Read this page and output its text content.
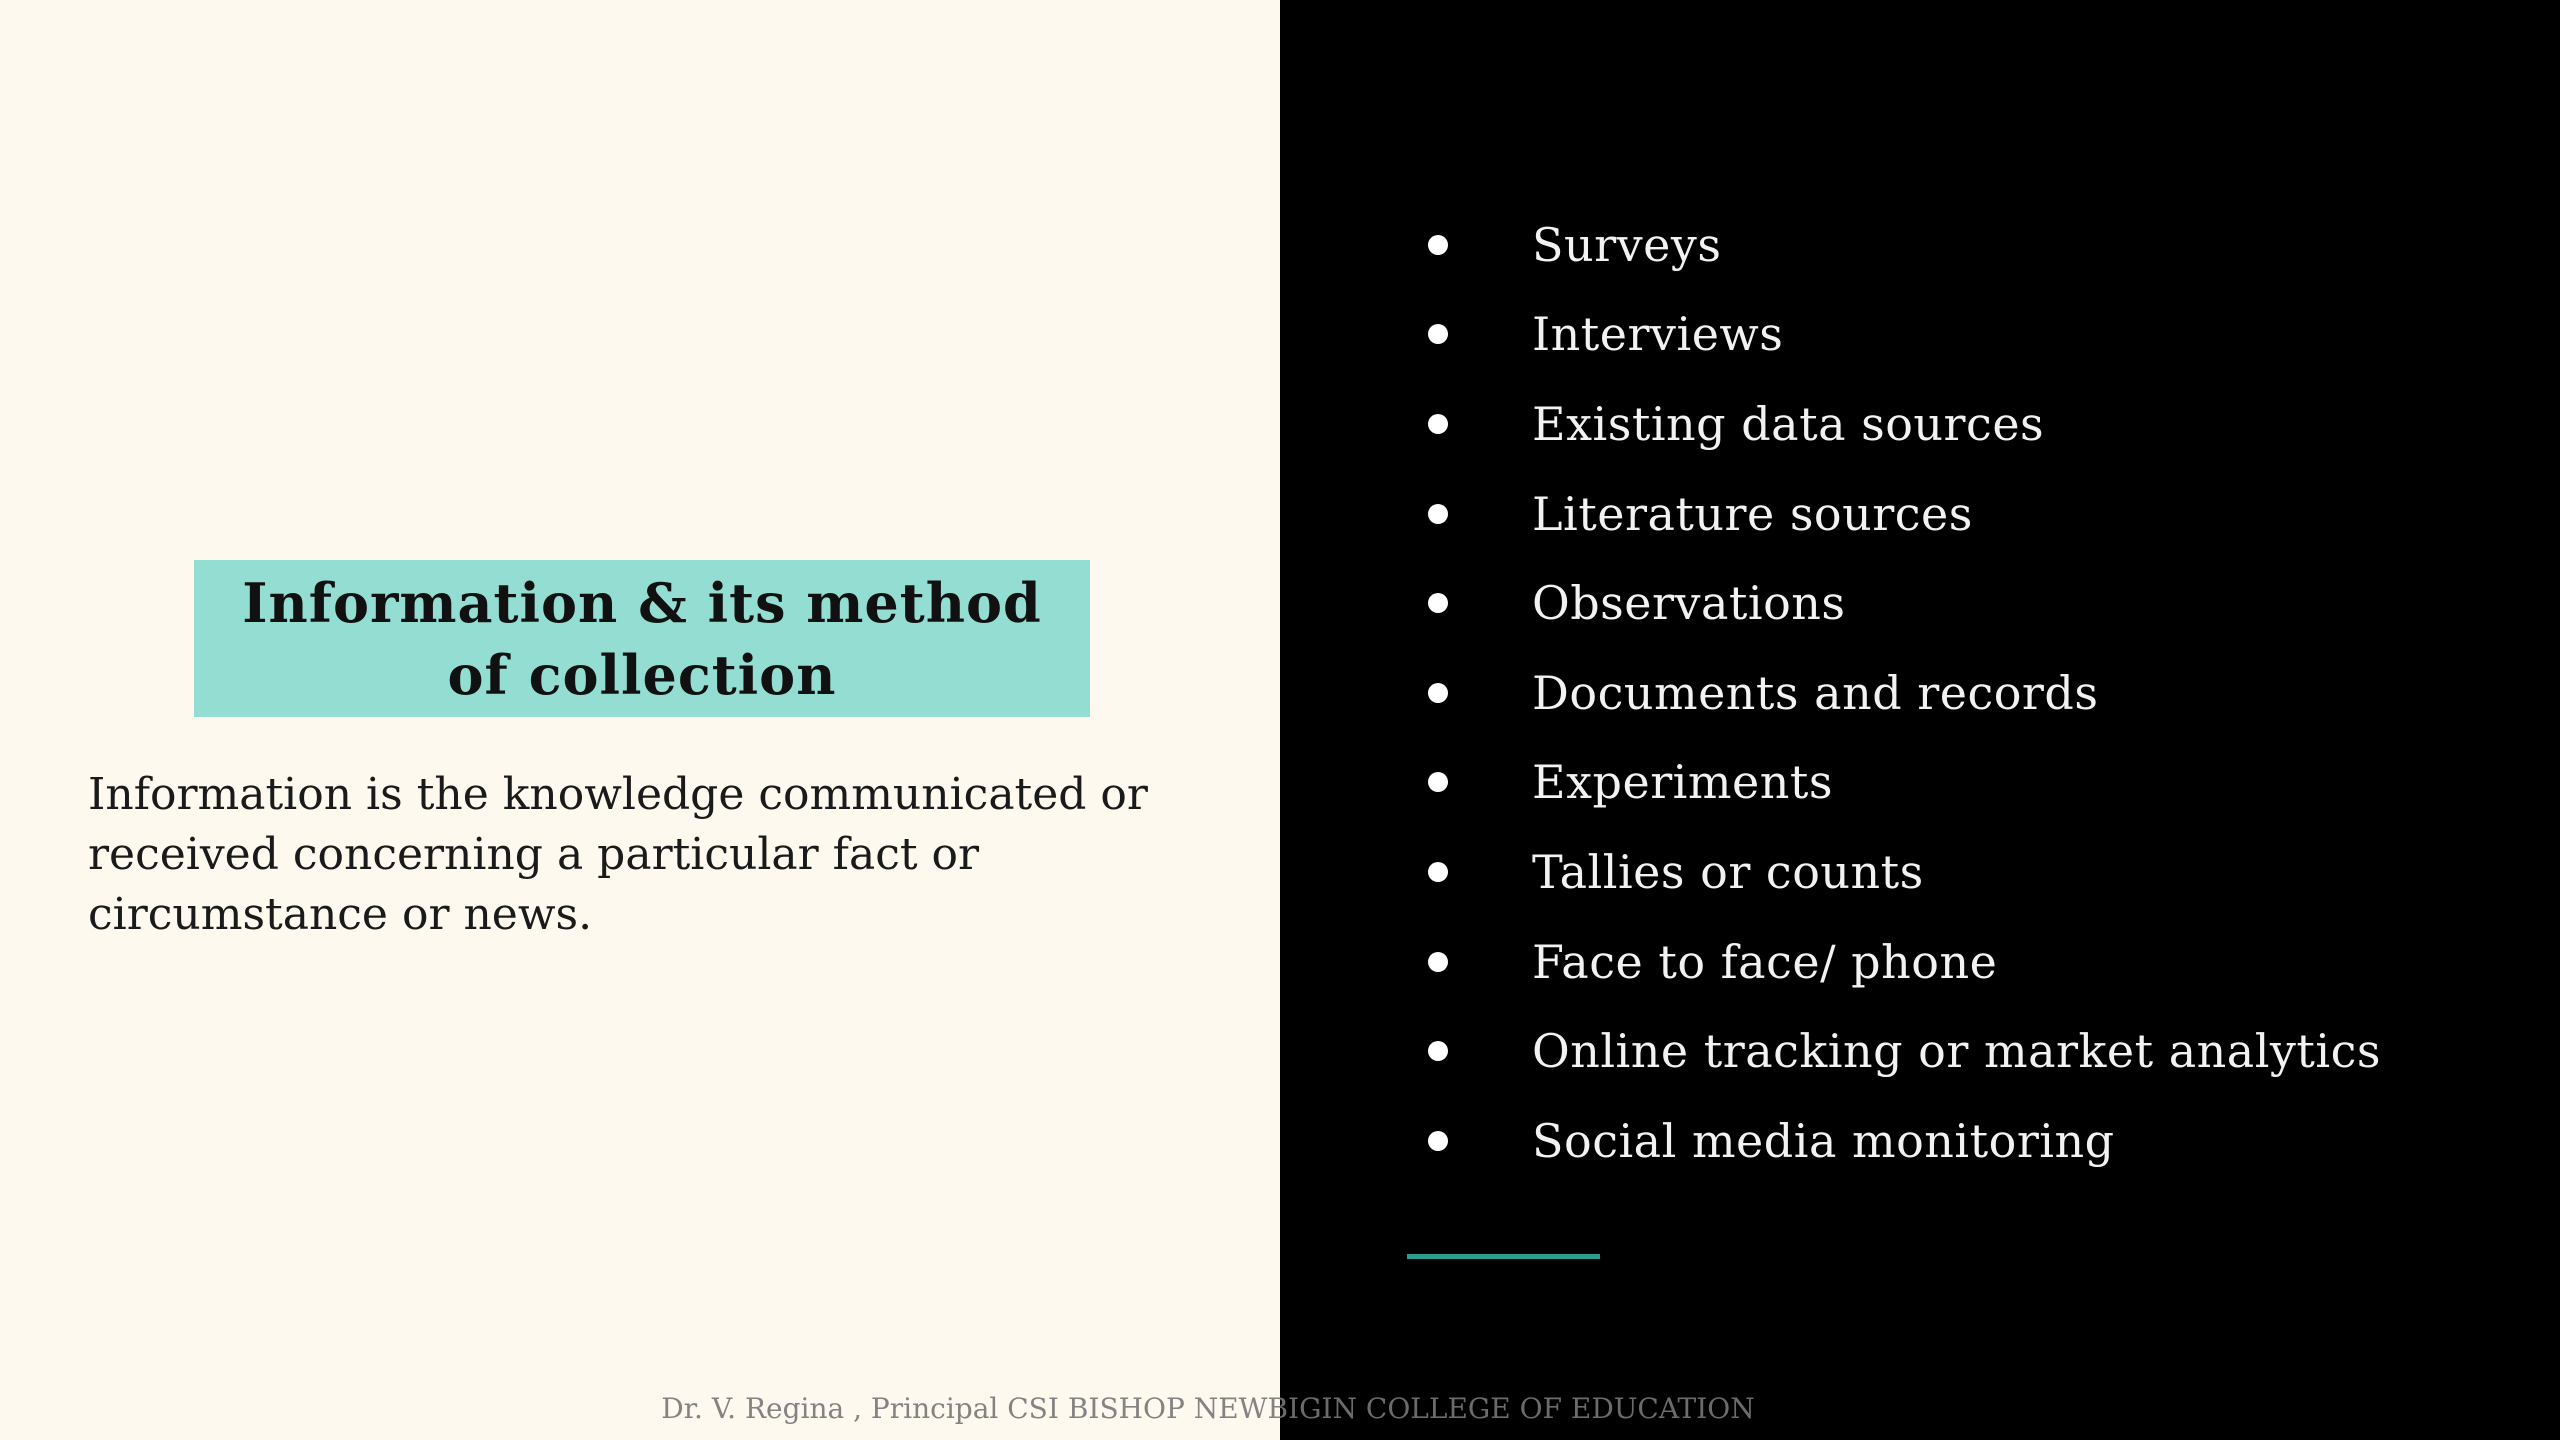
Information & its method of collection

Information is the knowledge communicated or received concerning a particular fact or circumstance or news.

Surveys
Interviews
Existing data sources
Literature sources
Observations
Documents and records
Experiments
Tallies or counts
Face to face/ phone
Online tracking or market analytics
Social media monitoring
Dr. V. Regina , Principal CSI BISHOP NEWBIGIN COLLEGE OF EDUCATION
